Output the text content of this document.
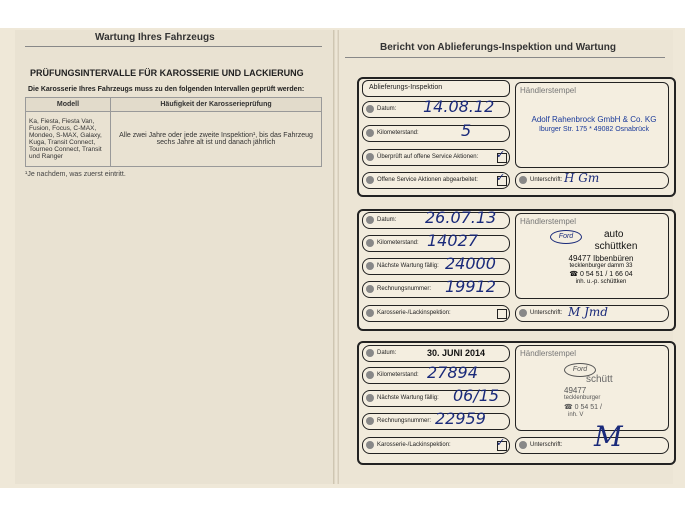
Wartung Ihres Fahrzeugs
PRÜFUNGSINTERVALLE FÜR KAROSSERIE UND LACKIERUNG
Die Karosserie Ihres Fahrzeugs muss zu den folgenden Intervallen geprüft werden:
Modell	Häufigkeit der Karosserieprüfung
Ka, Fiesta, Fiesta Van, Fusion, Focus, C-MAX, Mondeo, S-MAX, Galaxy, Kuga, Transit Connect, Tourneo Connect, Transit und Ranger	Alle zwei Jahre oder jede zweite Inspektion¹, bis das Fahrzeug sechs Jahre alt ist und danach jährlich
¹Je nachdem, was zuerst eintritt.
Bericht von Ablieferungs-Inspektion und Wartung
Ablieferungs-Inspektion
Datum: 14.08.12
Kilometerstand:	5
Überprüft auf offene Service Aktionen: ✓
Offene Service Aktionen abgearbeitet: ✓
Händlerstempel
Adolf Rahenbrock GmbH & Co. KG
Iburger Str. 175 * 49082 Osnabrück
Unterschrift: H Gm
Datum: 26.07.13
Kilometerstand: 14027
Nächste Wartung fällig: 24000
Rechnungsnummer: 19912
Karosserie-/Lackinspektion:
Händlerstempel
Ford	auto
schüttken
49477 Ibbenbüren
tecklenburger damm 33
☎ 0 54 51 / 1 66 04
inh. u.-p. schüttken
Unterschrift: M Jmd
Datum:	30. JUNI 2014
Kilometerstand: 27894
Nächste Wartung fällig: 06/15
Rechnungsnummer: 22959
Karosserie-/Lackinspektion:	✓
Händlerstempel
Ford
schütt
49477
tecklenburger
☎ 0 54 51 /
inh. V
Unterschrift: M
